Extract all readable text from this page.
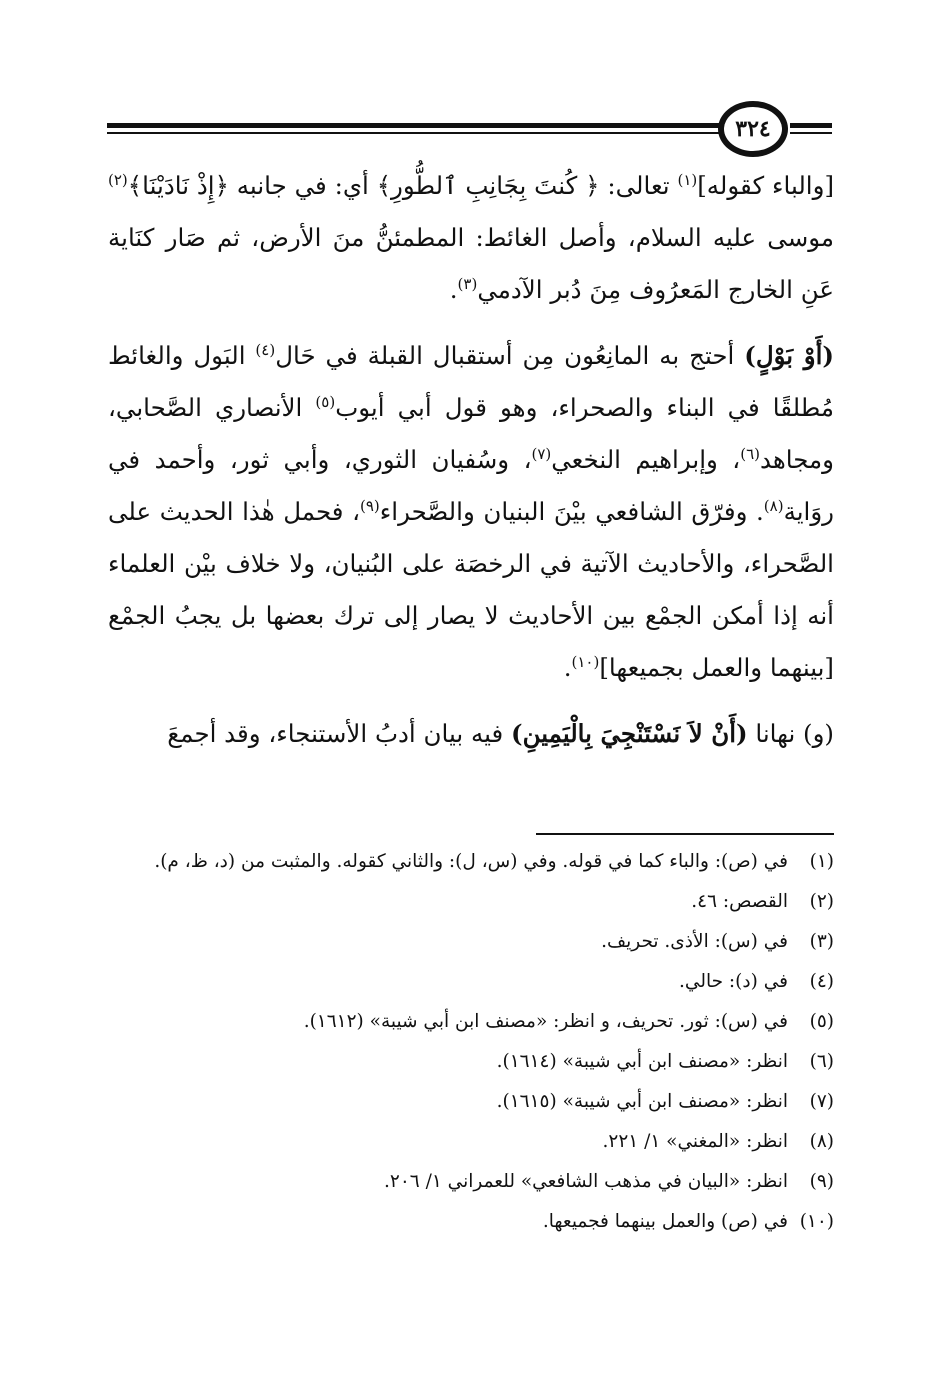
٣٢٤

[والباء كقوله]$^{(١)}$ تعالى: ﴿ كُنتَ بِجَانِبِ ٱلطُّورِ﴾ أي: في جانبه ﴿إِذْ نَادَيْنَا﴾$^{(٢)}$ موسى عليه السلام، وأصل الغائط: المطمئنُّ منَ الأرض، ثم صَار كنَاية عَنِ الخارج المَعرُوف مِنَ دُبر الآدمي$^{(٣)}$.

(أَوْ بَوْلٍ) أحتج به المانِعُون مِن أستقبال القبلة في حَال$^{(٤)}$ البَول والغائط مُطلقًا في البناء والصحراء، وهو قول أبي أيوب$^{(٥)}$ الأنصاري الصَّحابي، ومجاهد$^{(٦)}$، وإبراهيم النخعي$^{(٧)}$، وسُفيان الثوري، وأبي ثور، وأحمد في روَاية$^{(٨)}$. وفرّق الشافعي بيْنَ البنيان والصَّحراء$^{(٩)}$، فحمل هٰذا الحديث على الصَّحراء، والأحاديث الآتية في الرخصَة على البُنيان، ولا خلاف بيْن العلماء أنه إذا أمكن الجمْع بين الأحاديث لا يصار إلى ترك بعضها بل يجبُ الجمْع [بينهما والعمل بجميعها]$^{(١٠)}$.

(و) نهانا (أَنْ لاَ نَسْتَنْجِيَ بِالْيَمِينِ) فيه بيان أدبُ الأستنجاء، وقد أجمعَ

(١)
في (ص): والباء كما في قوله. وفي (س، ل): والثاني كقوله. والمثبت من (د، ظ، م).
(٢)
القصص: ٤٦.
(٣)
في (س): الأذى. تحريف.
(٤)
في (د): حالي.
(٥)
في (س): ثور. تحريف، و انظر: «مصنف ابن أبي شيبة» (١٦١٢).
(٦)
انظر: «مصنف ابن أبي شيبة» (١٦١٤).
(٧)
انظر: «مصنف ابن أبي شيبة» (١٦١٥).
(٨)
انظر: «المغني» ١/ ٢٢١.
(٩)
انظر: «البيان في مذهب الشافعي» للعمراني ١/ ٢٠٦.
(١٠)
في (ص) والعمل بينهما فجميعها.
